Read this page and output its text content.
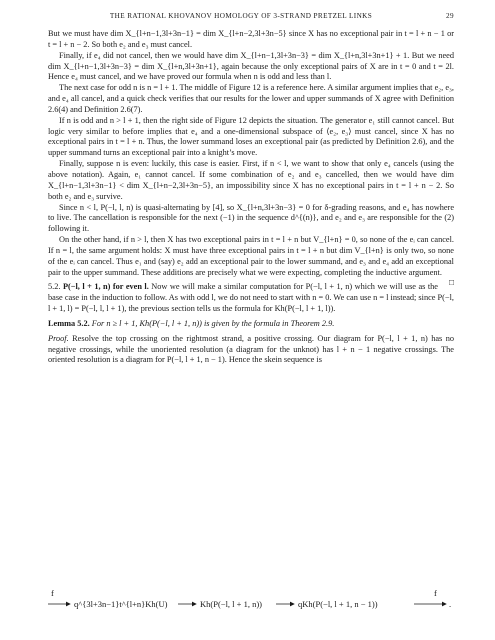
THE RATIONAL KHOVANOV HOMOLOGY OF 3-STRAND PRETZEL LINKS	29

But we must have dim X_{l+n−1,3l+3n−1} = dim X_{l+n−2,3l+3n−5} since X has no exceptional pair in t = l + n − 1 or t = l + n − 2. So both e₂ and e₃ must cancel.

Finally, if e₄ did not cancel, then we would have dim X_{l+n−1,3l+3n−3} = dim X_{l+n,3l+3n+1} + 1. But we need dim X_{l+n−1,3l+3n−3} = dim X_{l+n,3l+3n+1}, again because the only exceptional pairs of X are in t = 0 and t = 2l. Hence e₄ must cancel, and we have proved our formula when n is odd and less than l.

The next case for odd n is n = l + 1. The middle of Figure 12 is a reference here. A similar argument implies that e₂, e₃, and e₄ all cancel, and a quick check verifies that our results for the lower and upper summands of X agree with Definition 2.6(4) and Definition 2.6(7).

If n is odd and n > l + 1, then the right side of Figure 12 depicts the situation. The generator e₁ still cannot cancel. But logic very similar to before implies that e₄ and a one-dimensional subspace of ⟨e₂, e₃⟩ must cancel, since X has no exceptional pairs in t = l + n. Thus, the lower summand loses an exceptional pair (as predicted by Definition 2.6), and the upper summand turns an exceptional pair into a knight’s move.

Finally, suppose n is even: luckily, this case is easier. First, if n < l, we want to show that only e₄ cancels (using the above notation). Again, e₁ cannot cancel. If some combination of e₂ and e₃ cancelled, then we would have dim X_{l+n−1,3l+3n−1} < dim X_{l+n−2,3l+3n−5}, an impossibility since X has no exceptional pairs in t = l + n − 2. So both e₂ and e₃ survive.

Since n < l, P(−l, l, n) is quasi-alternating by [4], so X_{l+n,3l+3n−3} = 0 for δ-grading reasons, and e₄ has nowhere to live. The cancellation is responsible for the next (−1) in the sequence d^{(n)}, and e₂ and e₃ are responsible for the (2) following it.

On the other hand, if n > l, then X has two exceptional pairs in t = l + n but V_{l+n} = 0, so none of the eᵢ can cancel. If n = l, the same argument holds: X must have three exceptional pairs in t = l + n but dim V_{l+n} is only two, so none of the eᵢ can cancel. Thus e₁ and (say) e₂ add an exceptional pair to the lower summand, and e₃ and e₄ add an exceptional pair to the upper summand. These additions are precisely what we were expecting, completing the inductive argument.
□

5.2. P(−l, l + 1, n) for even l. Now we will make a similar computation for P(−l, l + 1, n) which we will use as the base case in the induction to follow. As with odd l, we do not need to start with n = 0. We can use n = l instead; since P(−l, l + 1, l) = P(−l, l, l + 1), the previous section tells us the formula for Kh(P(−l, l + 1, l)).

Lemma 5.2. For n ≥ l + 1, Kh(P(−l, l + 1, n)) is given by the formula in Theorem 2.9.

Proof. Resolve the top crossing on the rightmost strand, a positive crossing. Our diagram for P(−l, l + 1, n) has no negative crossings, while the unoriented resolution (a diagram for the unknot) has l + n − 1 negative crossings. The oriented resolution is a diagram for P(−l, l + 1, n − 1). Hence the skein sequence is

f
q^{3l+3n−1}t^{l+n}Kh(U)	Kh(P(−l, l + 1, n))	qKh(P(−l, l + 1, n − 1))
f
.
